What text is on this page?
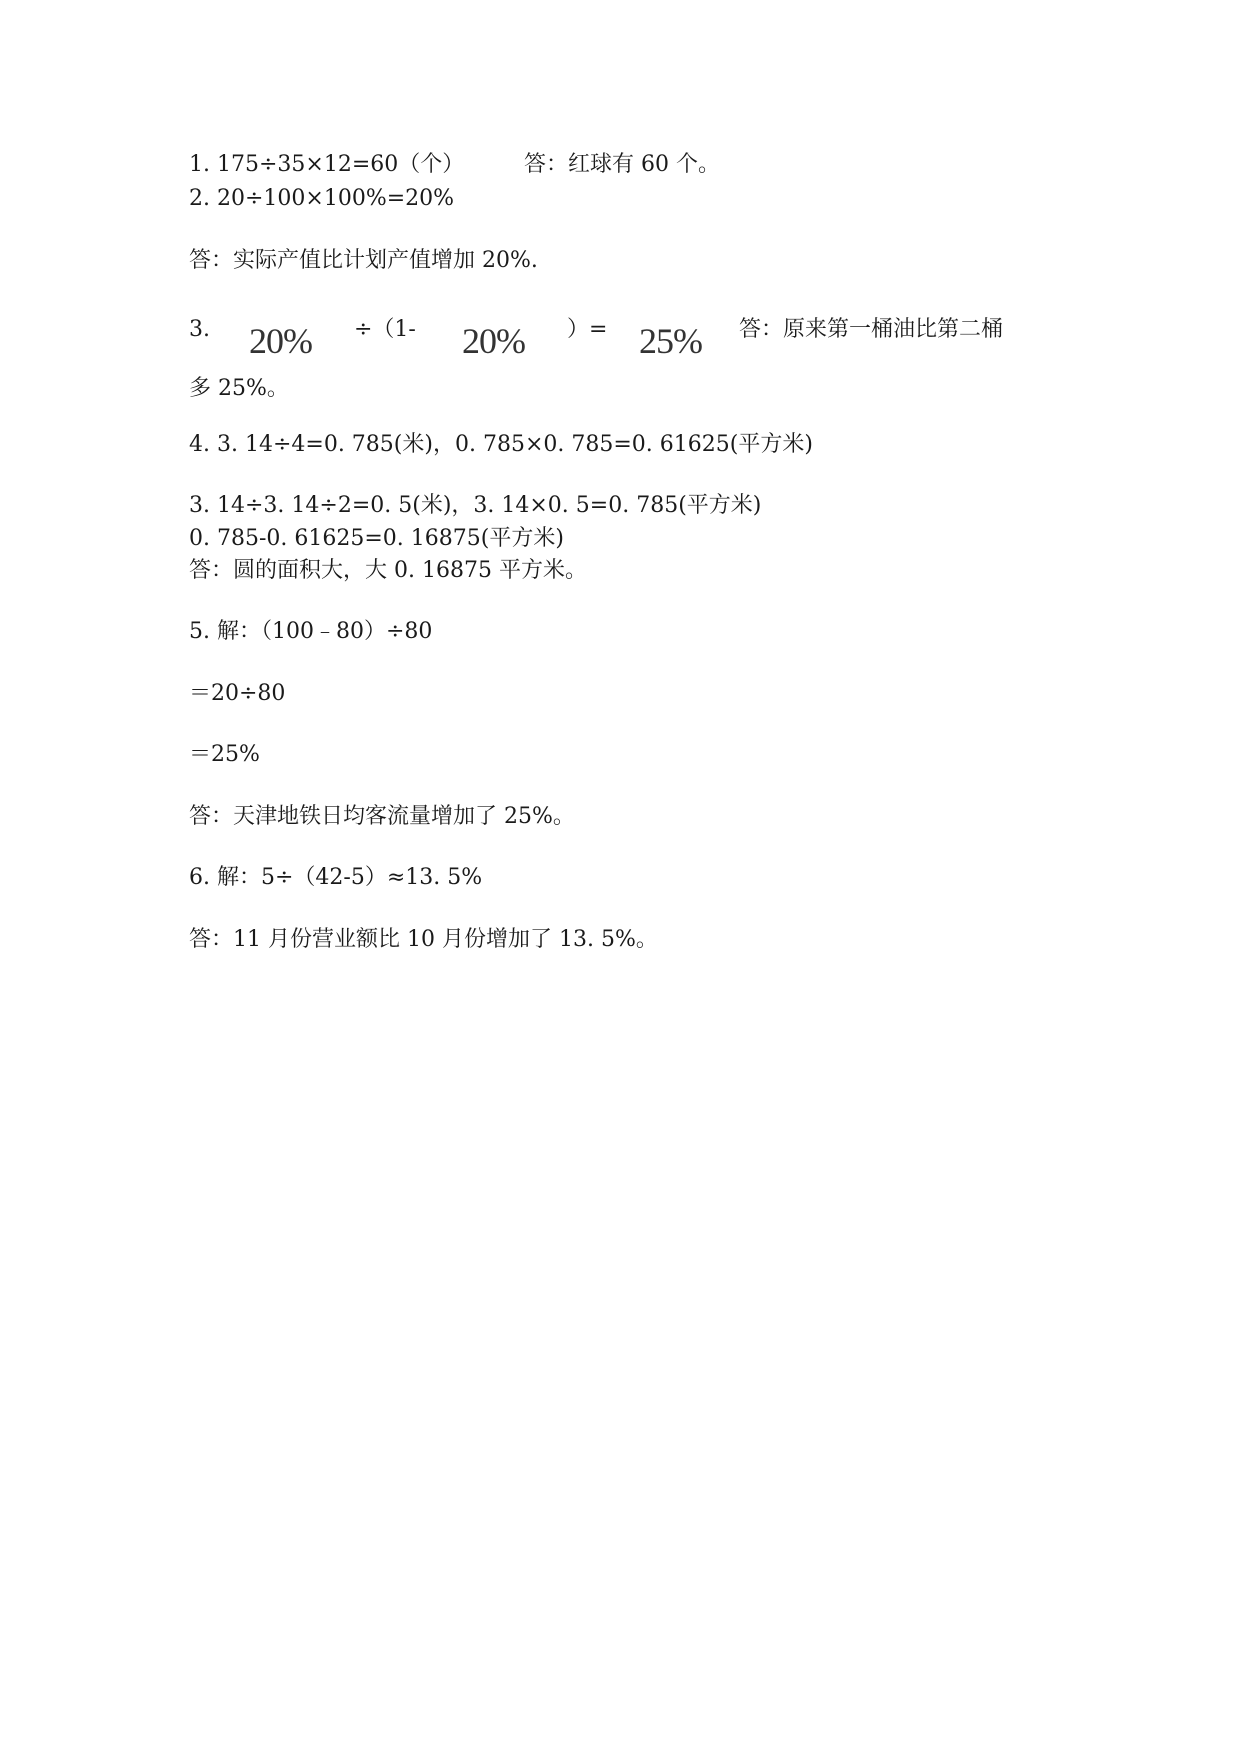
1. 175÷35×12=60（个）	答：红球有 60 个。
2. 20÷100×100%=20%
答：实际产值比计划产值增加 20%.
3. 20% ÷（1- 20% ）= 25% 答：原来第一桶油比第二桶
多 25%。
4. 3. 14÷4=0. 785(米)，0. 785×0. 785=0. 61625(平方米)
3. 14÷3. 14÷2=0. 5(米)，3. 14×0. 5=0. 785(平方米)
0. 785-0. 61625=0. 16875(平方米)
答：圆的面积大，大 0. 16875 平方米。
5. 解：（100﹣80）÷80
＝20÷80
＝25%
答：天津地铁日均客流量增加了 25%。
6. 解：5÷（42-5）≈13. 5%
答：11 月份营业额比 10 月份增加了 13. 5%。
